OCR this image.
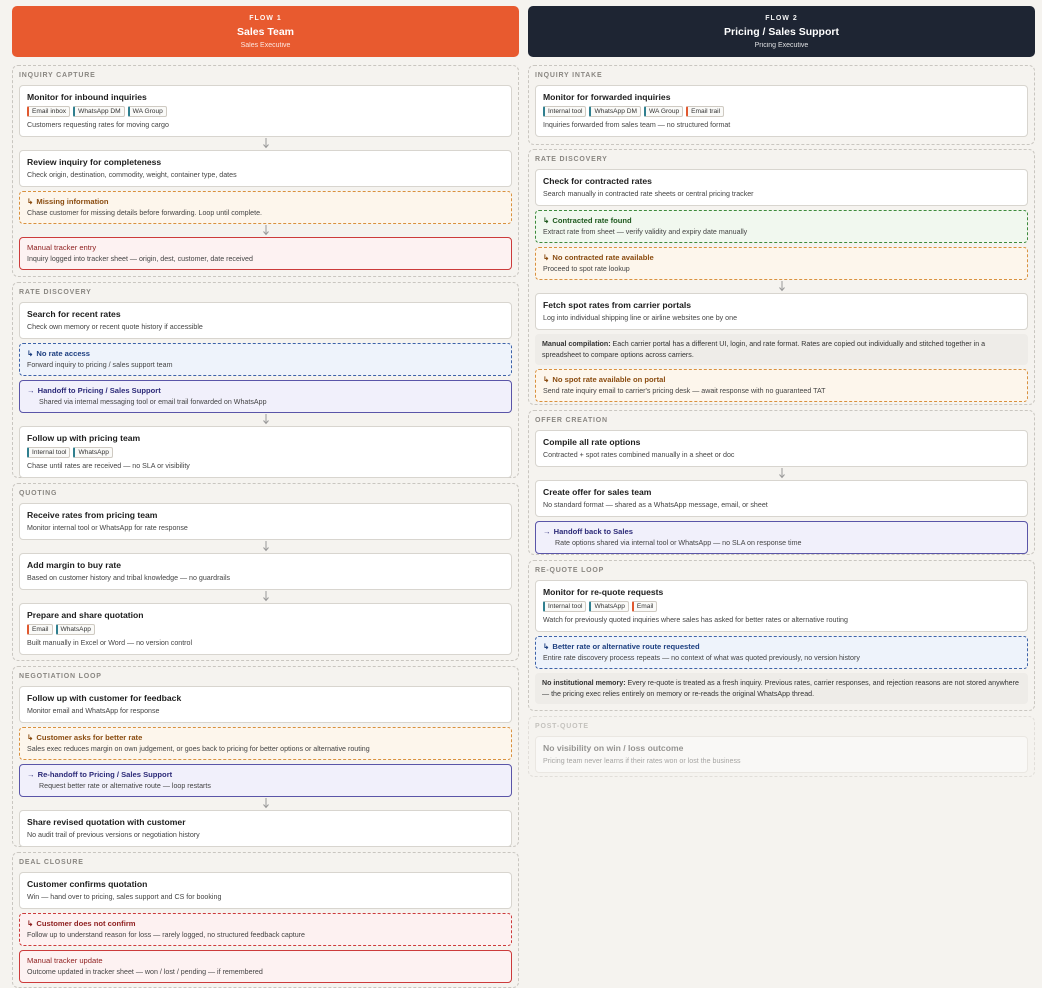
FLOW 1
Sales Team
Sales Executive
INQUIRY CAPTURE
Monitor for inbound inquiries
Email inbox	WhatsApp DM	WA Group
Customers requesting rates for moving cargo
Review inquiry for completeness
Check origin, destination, commodity, weight, container type, dates
↳ Missing information
Chase customer for missing details before forwarding. Loop until complete.
Manual tracker entry
Inquiry logged into tracker sheet — origin, dest, customer, date received
RATE DISCOVERY
Search for recent rates
Check own memory or recent quote history if accessible
↳ No rate access
Forward inquiry to pricing / sales support team
→ Handoff to Pricing / Sales Support
Shared via internal messaging tool or email trail forwarded on WhatsApp
Follow up with pricing team
Internal tool	WhatsApp
Chase until rates are received — no SLA or visibility
QUOTING
Receive rates from pricing team
Monitor internal tool or WhatsApp for rate response
Add margin to buy rate
Based on customer history and tribal knowledge — no guardrails
Prepare and share quotation
Email	WhatsApp
Built manually in Excel or Word — no version control
NEGOTIATION LOOP
Follow up with customer for feedback
Monitor email and WhatsApp for response
↳ Customer asks for better rate
Sales exec reduces margin on own judgement, or goes back to pricing for better options or alternative routing
→ Re-handoff to Pricing / Sales Support
Request better rate or alternative route — loop restarts
Share revised quotation with customer
No audit trail of previous versions or negotiation history
DEAL CLOSURE
Customer confirms quotation
Win — hand over to pricing, sales support and CS for booking
↳ Customer does not confirm
Follow up to understand reason for loss — rarely logged, no structured feedback capture
Manual tracker update
Outcome updated in tracker sheet — won / lost / pending — if remembered
FLOW 2
Pricing / Sales Support
Pricing Executive
INQUIRY INTAKE
Monitor for forwarded inquiries
Internal tool	WhatsApp DM	WA Group	Email trail
Inquiries forwarded from sales team — no structured format
RATE DISCOVERY
Check for contracted rates
Search manually in contracted rate sheets or central pricing tracker
↳ Contracted rate found
Extract rate from sheet — verify validity and expiry date manually
↳ No contracted rate available
Proceed to spot rate lookup
Fetch spot rates from carrier portals
Log into individual shipping line or airline websites one by one
Manual compilation: Each carrier portal has a different UI, login, and rate format. Rates are copied out individually and stitched together in a spreadsheet to compare options across carriers.
↳ No spot rate available on portal
Send rate inquiry email to carrier's pricing desk — await response with no guaranteed TAT
OFFER CREATION
Compile all rate options
Contracted + spot rates combined manually in a sheet or doc
Create offer for sales team
No standard format — shared as a WhatsApp message, email, or sheet
→ Handoff back to Sales
Rate options shared via internal tool or WhatsApp — no SLA on response time
RE-QUOTE LOOP
Monitor for re-quote requests
Internal tool	WhatsApp	Email
Watch for previously quoted inquiries where sales has asked for better rates or alternative routing
↳ Better rate or alternative route requested
Entire rate discovery process repeats — no context of what was quoted previously, no version history
No institutional memory: Every re-quote is treated as a fresh inquiry. Previous rates, carrier responses, and rejection reasons are not stored anywhere — the pricing exec relies entirely on memory or re-reads the original WhatsApp thread.
POST-QUOTE
No visibility on win / loss outcome
Pricing team never learns if their rates won or lost the business
